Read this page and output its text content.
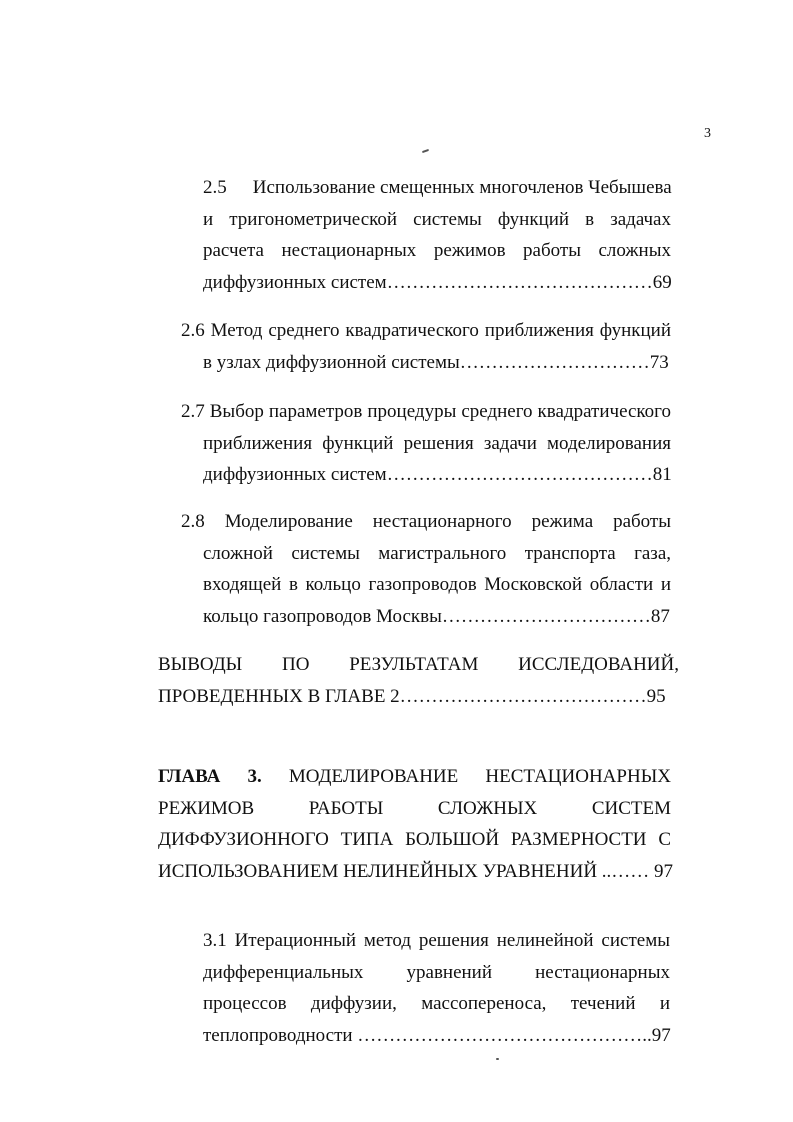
3
2.5 Использование смещенных многочленов Чебышева
и тригонометрической системы функций в задачах
расчета нестационарных режимов работы сложных
диффузионных систем……………………………………69
2.6 Метод среднего квадратического приближения функций
в узлах диффузионной системы…………………………73
2.7 Выбор параметров процедуры среднего квадратического
приближения функций решения задачи моделирования
диффузионных систем……………………………………81
2.8 Моделирование нестационарного режима работы
сложной системы магистрального транспорта газа,
входящей в кольцо газопроводов Московской области и
кольцо газопроводов Москвы……………………………87
ВЫВОДЫ ПО РЕЗУЛЬТАТАМ ИССЛЕДОВАНИЙ,
ПРОВЕДЕННЫХ В ГЛАВЕ 2…………………………………95
ГЛАВА 3. МОДЕЛИРОВАНИЕ НЕСТАЦИОНАРНЫХ
РЕЖИМОВ РАБОТЫ СЛОЖНЫХ СИСТЕМ
ДИФФУЗИОННОГО ТИПА БОЛЬШОЙ РАЗМЕРНОСТИ С
ИСПОЛЬЗОВАНИЕМ НЕЛИНЕЙНЫХ УРАВНЕНИЙ ..…… 97
3.1 Итерационный метод решения нелинейной системы
дифференциальных уравнений нестационарных
процессов диффузии, массопереноса, течений и
теплопроводности ………………………………………..97
